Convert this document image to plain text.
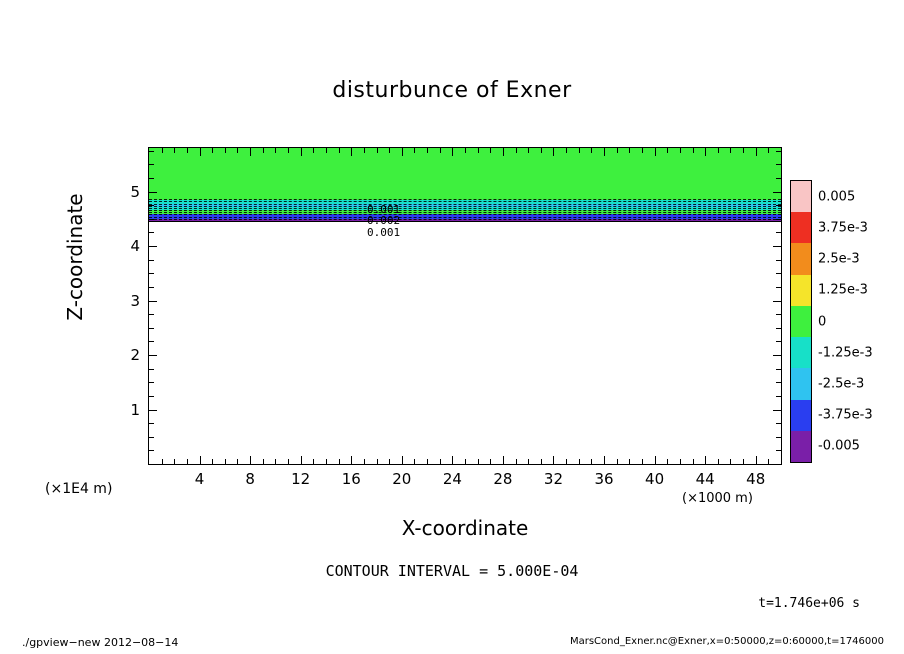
disturbunce of Exner
0.001
0.002
0.001
4	8 12 16 20 24 28 32 36 40 44 48
1
2
3
4
5
X-coordinate
Z-coordinate
(×1000 m)
(×1E4 m)
0.005
3.75e-3
2.5e-3
1.25e-3
0
-1.25e-3
-2.5e-3
-3.75e-3
-0.005
CONTOUR INTERVAL = 5.000E-04
t=1.746e+06 s
./gpview−new 2012−08−14	MarsCond_Exner.nc@Exner,x=0:50000,z=0:60000,t=1746000
